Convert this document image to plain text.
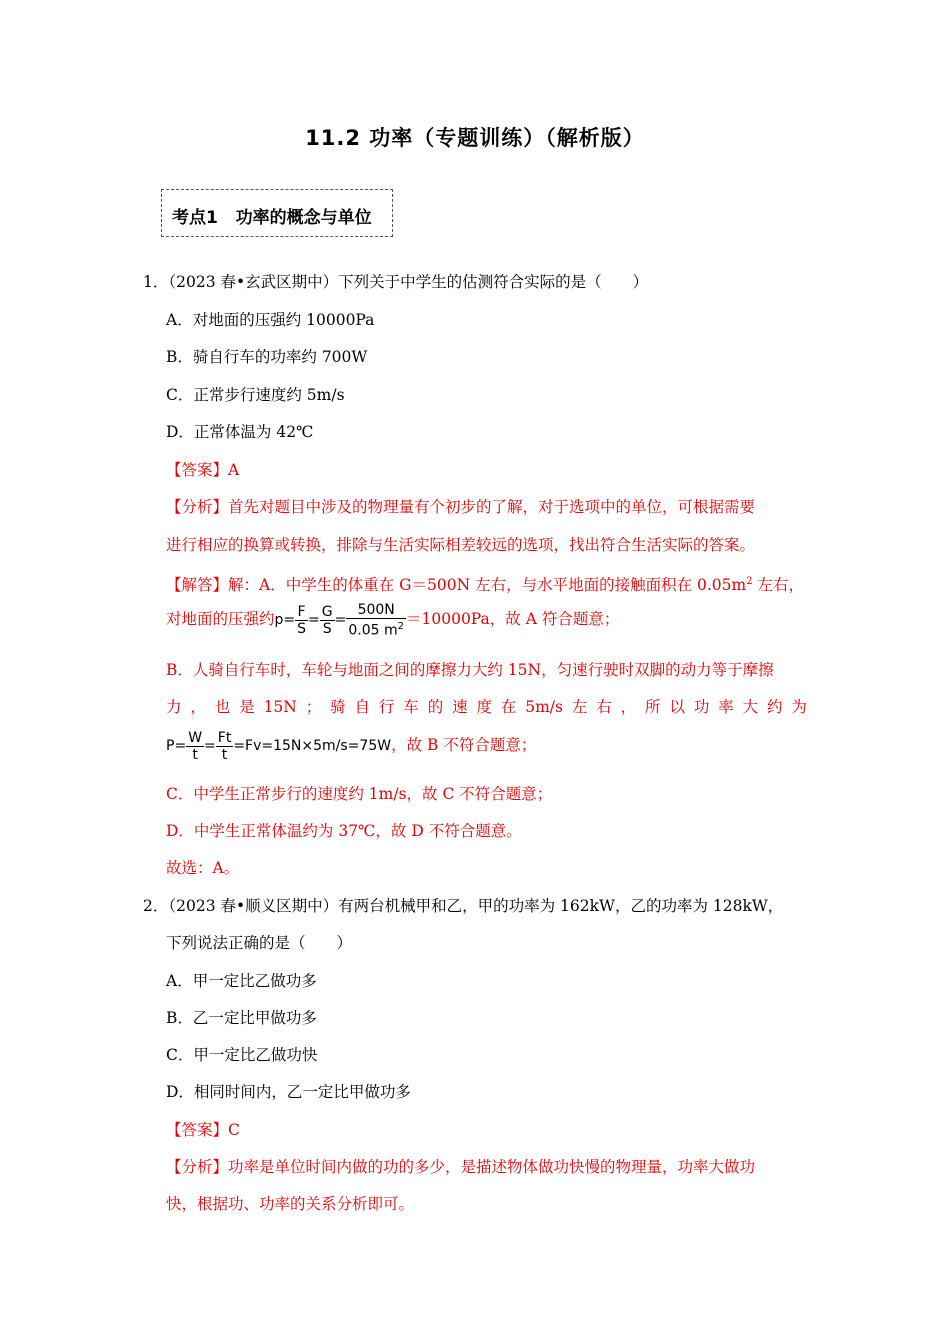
11.2 功率（专题训练）（解析版）
考点1   功率的概念与单位
1．（2023 春•玄武区期中）下列关于中学生的估测符合实际的是（　　）
A．对地面的压强约 10000Pa
B．骑自行车的功率约 700W
C．正常步行速度约 5m/s
D．正常体温为 42℃
【答案】A
【分析】首先对题目中涉及的物理量有个初步的了解，对于选项中的单位，可根据需要
进行相应的换算或转换，排除与生活实际相差较远的选项，找出符合生活实际的答案。
【解答】解：A．中学生的体重在 G＝500N 左右，与水平地面的接触面积在 $0.05m^2$ 左右，
对地面的压强约$p= \frac{F}{S} = \frac{G}{S} = \frac{500N}{0.05 m^2} =10000Pa$，故 A 符合题意；
B．人骑自行车时，车轮与地面之间的摩擦力大约 15N，匀速行驶时双脚的动力等于摩擦
力 ， 也 是 15N ； 骑 自 行 车 的 速 度 在 5m/s 左 右 ， 所 以 功 率 大 约 为
$P= \frac{W}{t} = \frac{Ft}{t} =Fv=15N\times 5m/s=75W$，故 B 不符合题意；
C．中学生正常步行的速度约 1m/s，故 C 不符合题意；
D．中学生正常体温约为 37℃，故 D 不符合题意。
故选：A。
2．（2023 春•顺义区期中）有两台机械甲和乙，甲的功率为 162kW，乙的功率为 128kW，
下列说法正确的是（　　）
A．甲一定比乙做功多
B．乙一定比甲做功多
C．甲一定比乙做功快
D．相同时间内，乙一定比甲做功多
【答案】C
【分析】功率是单位时间内做的功的多少，是描述物体做功快慢的物理量，功率大做功
快，根据功、功率的关系分析即可。
